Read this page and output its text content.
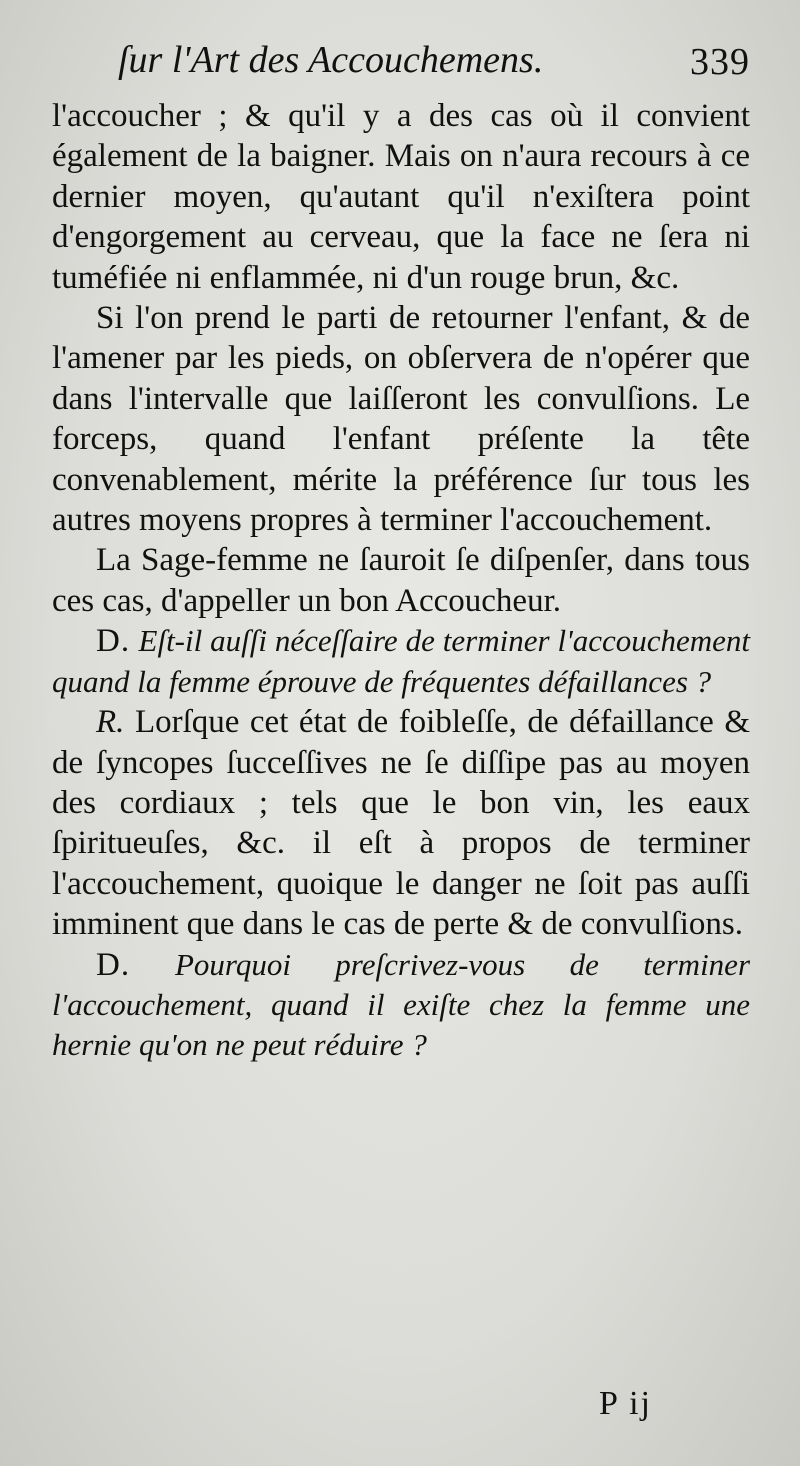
ſur l'Art des Accouchemens.	339

l'accoucher ; & qu'il y a des cas où il convient également de la baigner. Mais on n'aura recours à ce dernier moyen, qu'autant qu'il n'exiſtera point d'engorgement au cerveau, que la face ne ſera ni tuméfiée ni enflammée, ni d'un rouge brun, &c.

Si l'on prend le parti de retourner l'enfant, & de l'amener par les pieds, on obſervera de n'opérer que dans l'intervalle que laiſſeront les convulſions. Le forceps, quand l'enfant préſente la tête convenablement, mérite la préférence ſur tous les autres moyens propres à terminer l'accouchement.

La Sage-femme ne ſauroit ſe diſpenſer, dans tous ces cas, d'appeller un bon Accoucheur.

D. Eſt-il auſſi néceſſaire de terminer l'accouchement quand la femme éprouve de fréquentes défaillances ?

R. Lorſque cet état de foibleſſe, de défaillance & de ſyncopes ſucceſſives ne ſe diſſipe pas au moyen des cordiaux ; tels que le bon vin, les eaux ſpiritueuſes, &c. il eſt à propos de terminer l'accouchement, quoique le danger ne ſoit pas auſſi imminent que dans le cas de perte & de convulſions.

D. Pourquoi preſcrivez-vous de terminer l'accouchement, quand il exiſte chez la femme une hernie qu'on ne peut réduire ?

P ij
